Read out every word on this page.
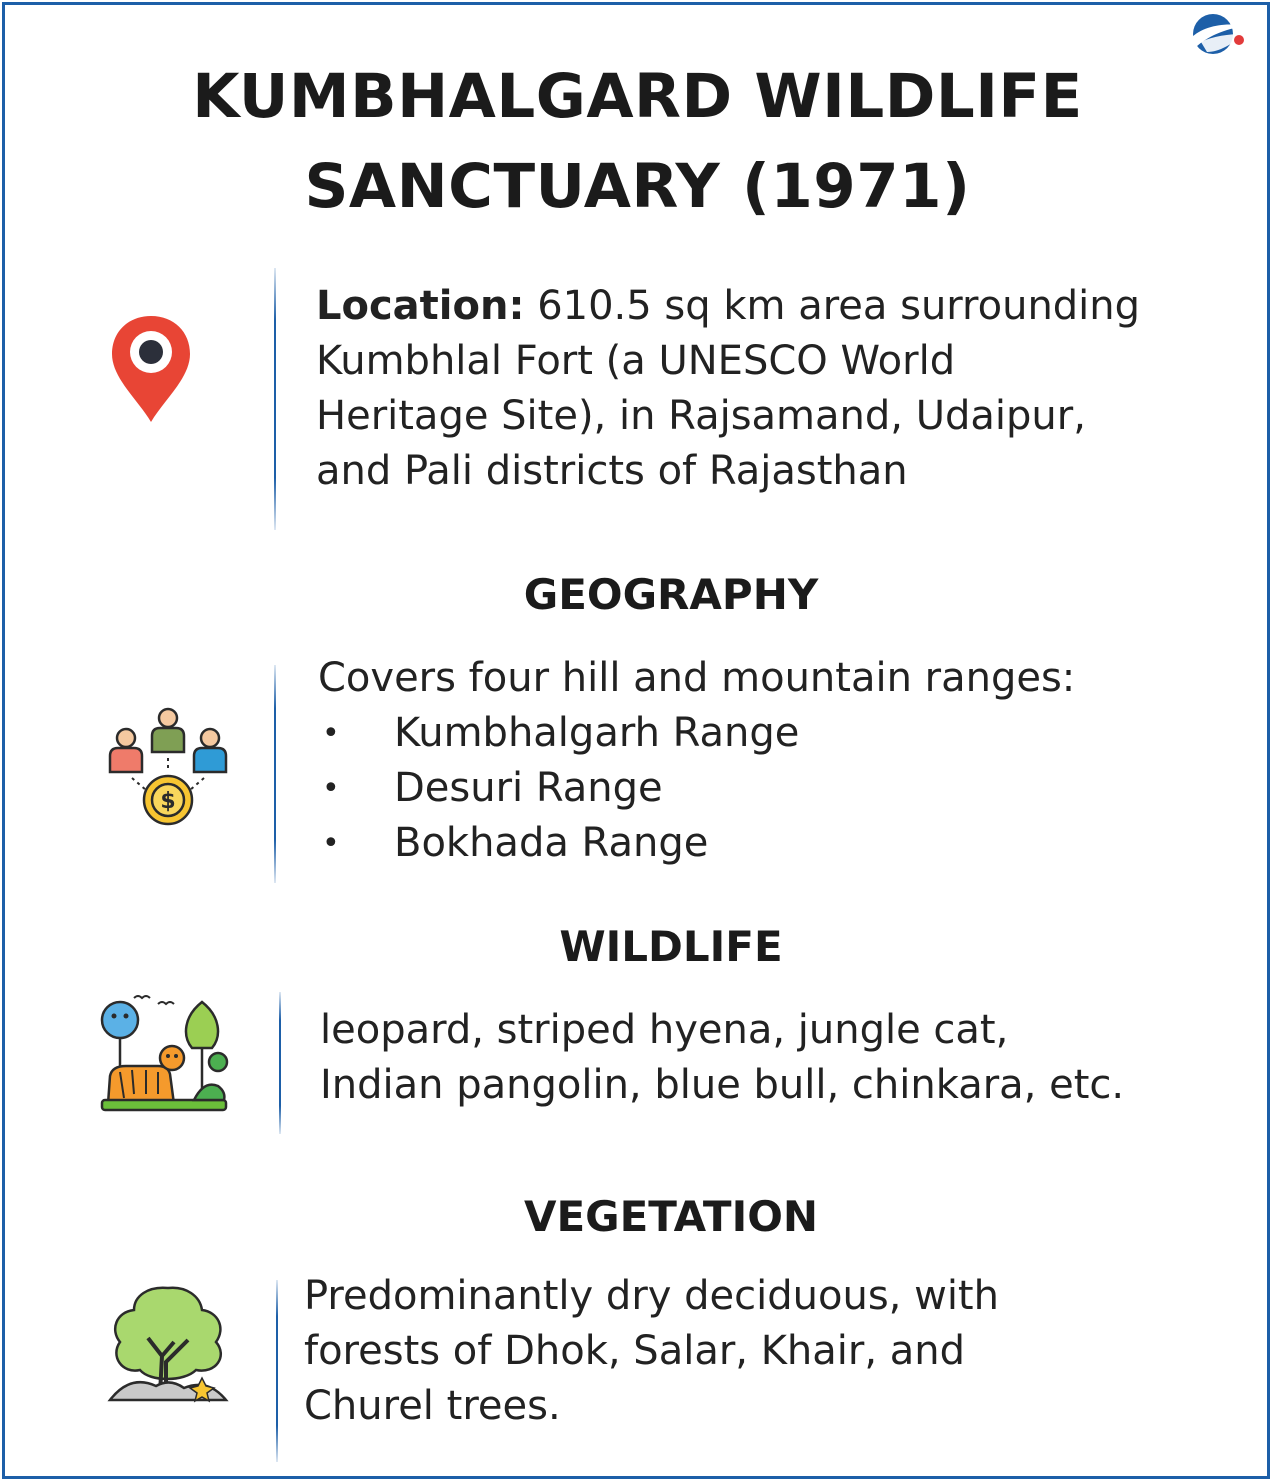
KUMBHALGARD WILDLIFE
SANCTUARY (1971)
Location: 610.5 sq km area surrounding
Kumbhlal Fort (a UNESCO World
Heritage Site), in Rajsamand, Udaipur,
and Pali districts of Rajasthan
GEOGRAPHY
$
Covers four hill and mountain ranges:
• Kumbhalgarh Range
• Desuri Range
• Bokhada Range
WILDLIFE
leopard, striped hyena, jungle cat,
Indian pangolin, blue bull, chinkara, etc.
VEGETATION
Predominantly dry deciduous, with
forests of Dhok, Salar, Khair, and
Churel trees.
